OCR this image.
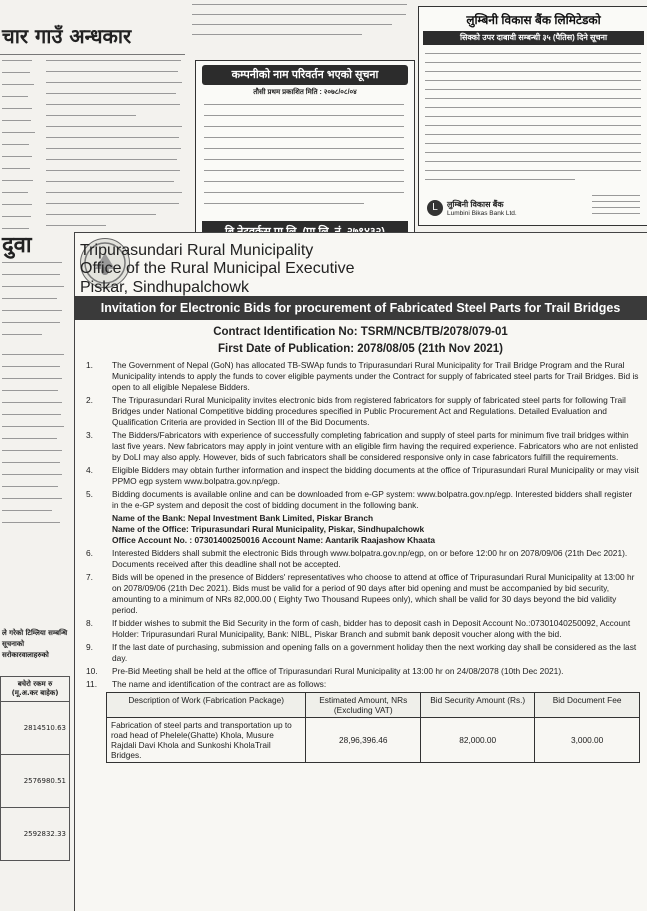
चार गाउँ अन्धकार
कम्पनीको नाम परिवर्तन भएको सूचना
तौसी प्रथम प्रकाशित मिति : २०७८/०८/०४
लुम्बिनी विकास बैंक लिमिटेडको
सिक्को उपर दाबावी सम्बन्धी ३५ (पैतिस) दिने सूचना
L	लुम्बिनी विकास बैंक
Lumbini Bikas Bank Ltd.
दुवा
ले गरेको टिम्लिया सम्बन्धि सूचनाको सरोकारवालाहरुको
बचेरो रकम रु (मू.अ.कर बाहेक)
2814510.63
2576980.51
2592832.33
Tripurasundari Rural Municipality
Office of the Rural Municipal Executive
Piskar, Sindhupalchowk
Invitation for Electronic Bids for procurement of Fabricated Steel Parts for Trail Bridges
Contract Identification No: TSRM/NCB/TB/2078/079-01
First Date of Publication: 2078/08/05 (21th Nov 2021)
1. The Government of Nepal (GoN) has allocated TB-SWAp funds to Tripurasundari Rural Municipality for Trail Bridge Program and the Rural Municipality intends to apply the funds to cover eligible payments under the Contract for supply of fabricated steel parts for Trail Bridges. Bid is open to all eligible Nepalese Bidders.
2. The Tripurasundari Rural Municipality invites electronic bids from registered fabricators for supply of fabricated steel parts for following Trail Bridges under National Competitive bidding procedures specified in Public Procurement Act and Regulations. Detailed Evaluation and Qualification Criteria are provided in Section III of the Bid Documents.
3. The Bidders/Fabricators with experience of successfully completing fabrication and supply of steel parts for minimum five trail bridges within last five years. New fabricators may apply in joint venture with an eligible firm having the required experience. Fabricators who are not enlisted by DoLI may also apply. However, bids of such fabricators shall be considered responsive only in case fabricators fulfill the requirements.
4. Eligible Bidders may obtain further information and inspect the bidding documents at the office of Tripurasundari Rural Municipality or may visit PPMO egp system www.bolpatra.gov.np/egp.
5. Bidding documents is available online and can be downloaded from e-GP system: www.bolpatra.gov.np/egp. Interested bidders shall register in the e-GP system and deposit the cost of bidding document in the following bank.
Name of the Bank: Nepal Investment Bank Limited, Piskar Branch
Name of the Office: Tripurasundari Rural Municipality, Piskar, Sindhupalchowk
Office Account No. : 07301400250016 Account Name: Aantarik Raajashow Khaata
6. Interested Bidders shall submit the electronic Bids through www.bolpatra.gov.np/egp, on or before 12:00 hr on 2078/09/06 (21th Dec 2021). Documents received after this deadline shall not be accepted.
7. Bids will be opened in the presence of Bidders' representatives who choose to attend at office of Tripurasundari Rural Municipality at 13:00 hr on 2078/09/06 (21th Dec 2021). Bids must be valid for a period of 90 days after bid opening and must be accompanied by bid security, amounting to a minimum of NRs 82,000.00 ( Eighty Two Thousand Rupees only), which shall be valid for 30 days beyond the bid validity period.
8. If bidder wishes to submit the Bid Security in the form of cash, bidder has to deposit cash in Deposit Account No.:07301040250092, Account Holder: Tripurasundari Rural Municipality, Bank: NIBL, Piskar Branch and submit bank deposit voucher along with the bid.
9. If the last date of purchasing, submission and opening falls on a government holiday then the next working day shall be considered as the last day.
10. Pre-Bid Meeting shall be held at the office of Tripurasundari Rural Municipality at 13:00 hr on 24/08/2078 (10th Dec 2021).
11. The name and identification of the contract are as follows:
Description of Work (Fabrication Package)	Estimated Amount, NRs (Excluding VAT)	Bid Security Amount (Rs.)	Bid Document Fee
Fabrication of steel parts and transportation up to road head of Phelele(Ghatte) Khola, Musure Rajdali Davi Khola and Sunkoshi KholaTrail Bridges.	28,96,396.46	82,000.00	3,000.00
